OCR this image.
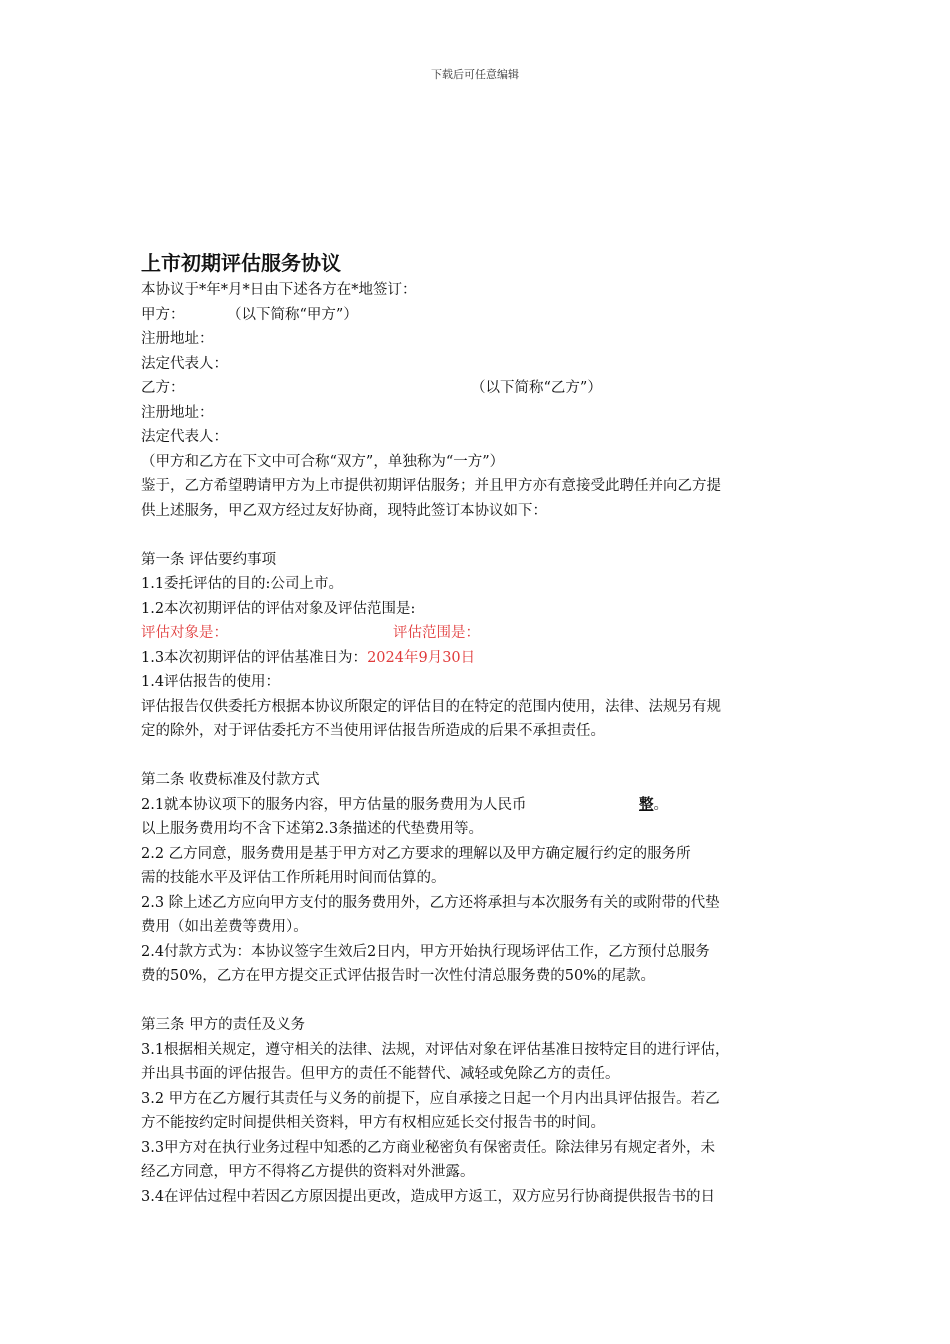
下载后可任意编辑
上市初期评估服务协议
本协议于*年*月*日由下述各方在*地签订：
甲方：	（以下简称“甲方”）
注册地址：
法定代表人：
乙方：	（以下简称“乙方”）
注册地址：
法定代表人：
（甲方和乙方在下文中可合称“双方”，单独称为“一方”）
鉴于，乙方希望聘请甲方为上市提供初期评估服务；并且甲方亦有意接受此聘任并向乙方提
供上述服务，甲乙双方经过友好协商，现特此签订本协议如下：
第一条 评估要约事项
1.1委托评估的目的:公司上市。
1.2本次初期评估的评估对象及评估范围是:
评估对象是：	评估范围是：
1.3本次初期评估的评估基准日为：2024年9月30日
1.4评估报告的使用：
评估报告仅供委托方根据本协议所限定的评估目的在特定的范围内使用，法律、法规另有规
定的除外，对于评估委托方不当使用评估报告所造成的后果不承担责任。
第二条 收费标准及付款方式
2.1就本协议项下的服务内容，甲方估量的服务费用为人民币	整。
以上服务费用均不含下述第2.3条描述的代垫费用等。
2.2 乙方同意，服务费用是基于甲方对乙方要求的理解以及甲方确定履行约定的服务所
需的技能水平及评估工作所耗用时间而估算的。
2.3 除上述乙方应向甲方支付的服务费用外，乙方还将承担与本次服务有关的或附带的代垫
费用（如出差费等费用）。
2.4付款方式为：本协议签字生效后2日内，甲方开始执行现场评估工作，乙方预付总服务
费的50%，乙方在甲方提交正式评估报告时一次性付清总服务费的50%的尾款。
第三条 甲方的责任及义务
3.1根据相关规定，遵守相关的法律、法规，对评估对象在评估基准日按特定目的进行评估，
并出具书面的评估报告。但甲方的责任不能替代、减轻或免除乙方的责任。
3.2 甲方在乙方履行其责任与义务的前提下，应自承接之日起一个月内出具评估报告。若乙
方不能按约定时间提供相关资料，甲方有权相应延长交付报告书的时间。
3.3甲方对在执行业务过程中知悉的乙方商业秘密负有保密责任。除法律另有规定者外，未
经乙方同意，甲方不得将乙方提供的资料对外泄露。
3.4在评估过程中若因乙方原因提出更改，造成甲方返工，双方应另行协商提供报告书的日
